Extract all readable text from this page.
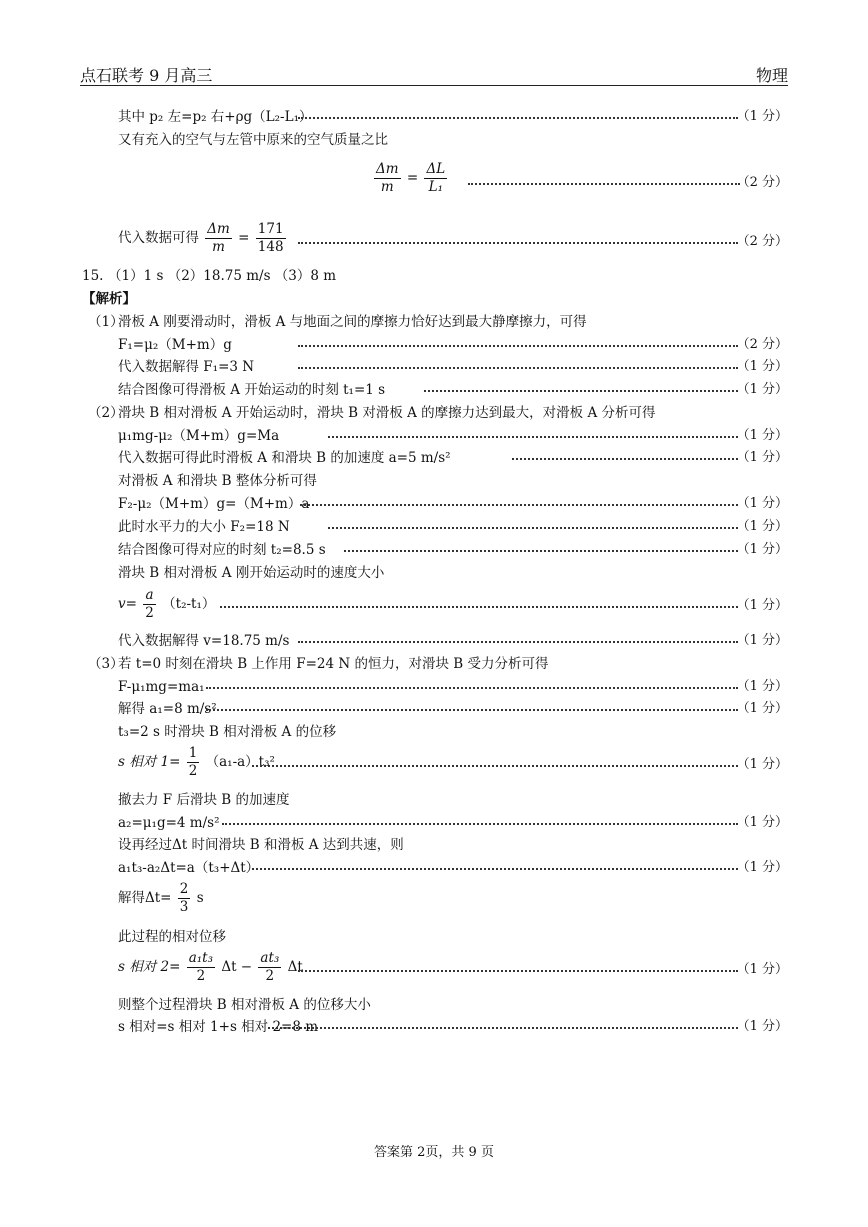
点石联考 9 月高三	物理
其中 p₂ 左=p₂ 右+ρg（L₂-L₁）	（1 分）
又有充入的空气与左管中原来的空气质量之比
$\frac{\Delta m}{m} = \frac{\Delta L}{\text{L₁}}$	（2 分）
代入数据可得 $\frac{\Delta m}{m} = \frac{171}{148}$	（2 分）
15. （1）1 s （2）18.75 m/s （3）8 m
【解析】
（1）
滑板 A 刚要滑动时，滑板 A 与地面之间的摩擦力恰好达到最大静摩擦力，可得
F₁=μ₂（M+m）g	（2 分）
代入数据解得 F₁=3 N	（1 分）
结合图像可得滑板 A 开始运动的时刻 t₁=1 s	（1 分）
（2）
滑块 B 相对滑板 A 开始运动时，滑块 B 对滑板 A 的摩擦力达到最大，对滑板 A 分析可得
μ₁mg-μ₂（M+m）g=Ma	（1 分）
代入数据可得此时滑板 A 和滑块 B 的加速度 a=5 m/s²	（1 分）
对滑板 A 和滑块 B 整体分析可得
F₂-μ₂（M+m）g=（M+m）a	（1 分）
此时水平力的大小 F₂=18 N	（1 分）
结合图像可得对应的时刻 t₂=8.5 s	（1 分）
滑块 B 相对滑板 A 刚开始运动时的速度大小
$v= \frac{a}{2} (t_2-t_1)$	（1 分）
代入数据解得 v=18.75 m/s	（1 分）
（3）
若 t=0 时刻在滑块 B 上作用 F=24 N 的恒力，对滑块 B 受力分析可得
F-μ₁mg=ma₁	（1 分）
解得 a₁=8 m/s²	（1 分）
t₃=2 s 时滑块 B 相对滑板 A 的位移
s 相对 $1= \frac{1}{2} (a_1-a)t_3^2$	（1 分）
撤去力 F 后滑块 B 的加速度
a₂=μ₁g=4 m/s²	（1 分）
设再经过Δt 时间滑块 B 和滑板 A 达到共速，则
a₁t₃-a₂Δt=a（t₃+Δt）	（1 分）
解得$\Delta t= \frac{2}{3}$ s
此过程的相对位移
s 相对 $2= \frac{\text{a₁t₃}}{2}$ $\Delta t - \frac{\text{at₃}}{2}$ Δt	（1 分）
则整个过程滑块 B 相对滑板 A 的位移大小
s 相对=s 相对 1+s 相对 2=8 m	（1 分）
答案第 2页，共 9 页
